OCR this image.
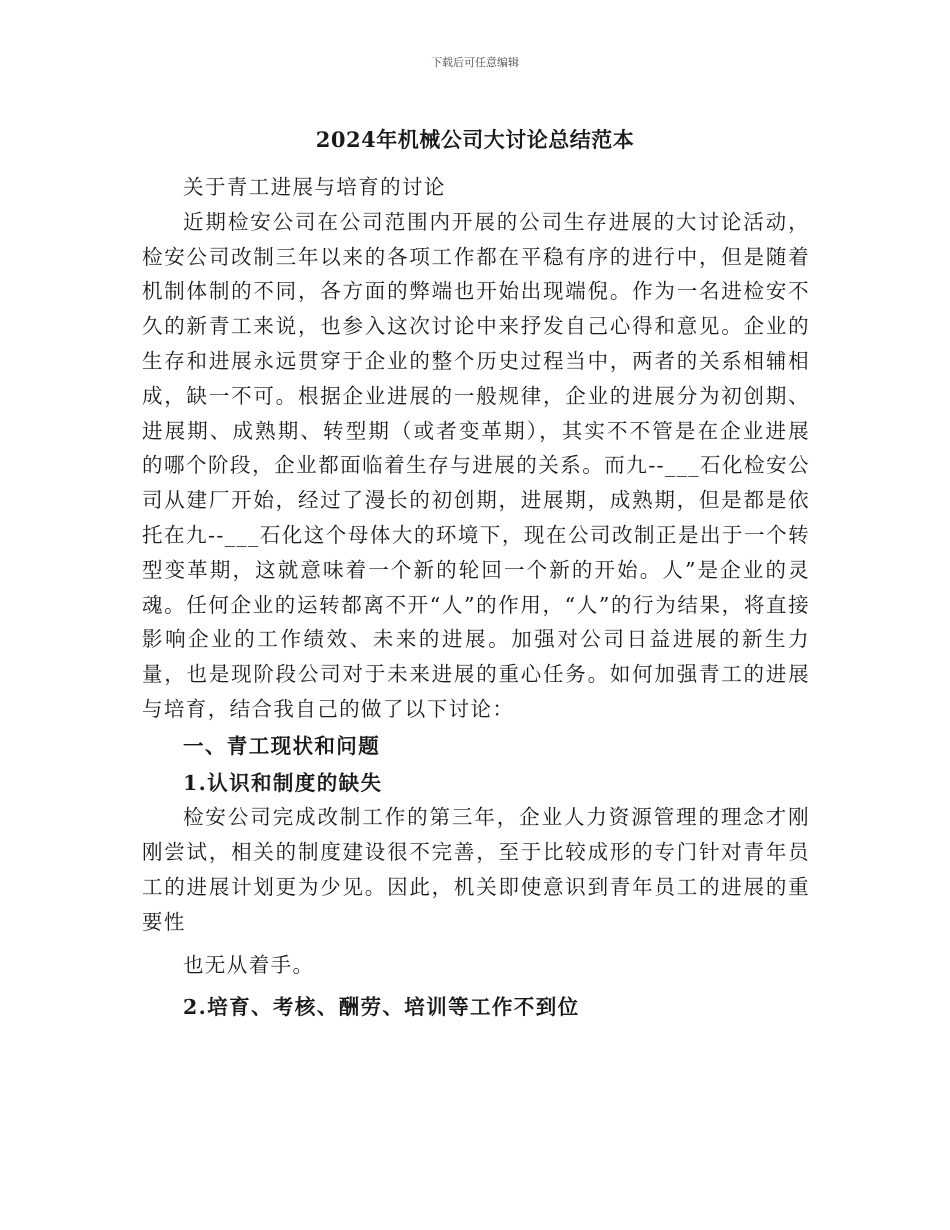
下载后可任意编辑
2024年机械公司大讨论总结范本

关于青工进展与培育的讨论

近期检安公司在公司范围内开展的公司生存进展的大讨论活动，检安公司改制三年以来的各项工作都在平稳有序的进行中，但是随着机制体制的不同，各方面的弊端也开始出现端倪。作为一名进检安不久的新青工来说，也参入这次讨论中来抒发自己心得和意见。企业的生存和进展永远贯穿于企业的整个历史过程当中，两者的关系相辅相成，缺一不可。根据企业进展的一般规律，企业的进展分为初创期、进展期、成熟期、转型期（或者变革期），其实不不管是在企业进展的哪个阶段，企业都面临着生存与进展的关系。而九--___石化检安公司从建厂开始，经过了漫长的初创期，进展期，成熟期，但是都是依托在九--___石化这个母体大的环境下，现在公司改制正是出于一个转型变革期，这就意味着一个新的轮回一个新的开始。人”是企业的灵魂。任何企业的运转都离不开“人”的作用，“人”的行为结果，将直接影响企业的工作绩效、未来的进展。加强对公司日益进展的新生力量，也是现阶段公司对于未来进展的重心任务。如何加强青工的进展与培育，结合我自己的做了以下讨论：

一、青工现状和问题

1.认识和制度的缺失

检安公司完成改制工作的第三年，企业人力资源管理的理念才刚刚尝试，相关的制度建设很不完善，至于比较成形的专门针对青年员工的进展计划更为少见。因此，机关即使意识到青年员工的进展的重要性

也无从着手。

2.培育、考核、酬劳、培训等工作不到位
